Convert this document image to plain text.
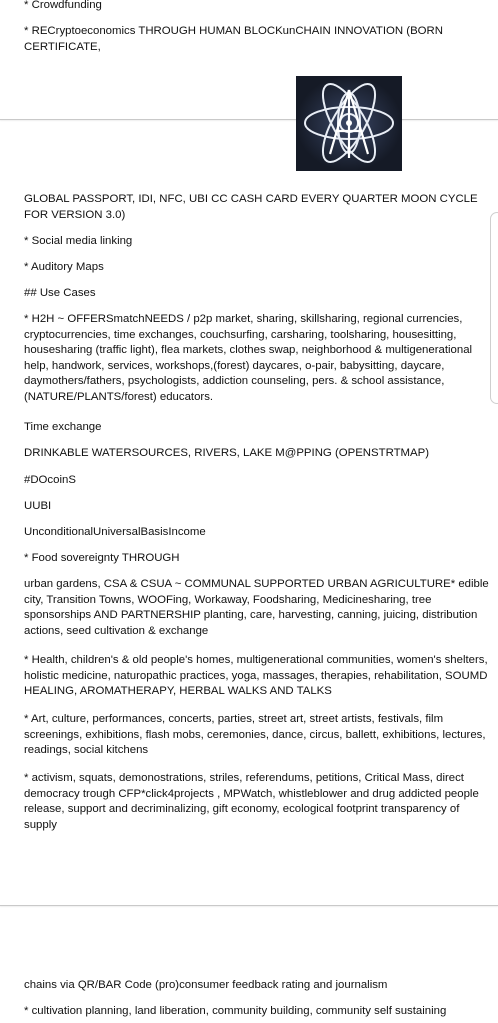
* Crowdfunding

* RECryptoeconomics THROUGH HUMAN BLOCKunCHAIN INNOVATION (BORN CERTIFICATE,

GLOBAL PASSPORT, IDI, NFC, UBI CC CASH CARD EVERY QUARTER MOON CYCLE FOR VERSION 3.0)

* Social media linking

* Auditory Maps

## Use Cases

* H2H ~ OFFERSmatchNEEDS / p2p market, sharing, skillsharing, regional currencies, cryptocurrencies, time exchanges, couchsurfing, carsharing, toolsharing, housesitting, housesharing (traffic light), flea markets, clothes swap, neighborhood & multigenerational help, handwork, services, workshops,(forest) daycares, o-pair, babysitting, daycare, daymothers/fathers, psychologists, addiction counseling, pers. & school assistance, (NATURE/PLANTS/forest) educators.

Time exchange

DRINKABLE WATERSOURCES, RIVERS, LAKE M@PPING (OPENSTRTMAP)

#DOcoinS

UUBI

UnconditionalUniversalBasisIncome

* Food sovereignty THROUGH

urban gardens, CSA & CSUA ~ COMMUNAL SUPPORTED URBAN AGRICULTURE* edible city, Transition Towns, WOOFing, Workaway, Foodsharing, Medicinesharing, tree sponsorships AND PARTNERSHIP planting, care, harvesting, canning, juicing, distribution actions, seed cultivation & exchange

* Health, children's & old people's homes, multigenerational communities, women's shelters, holistic medicine, naturopathic practices, yoga, massages, therapies, rehabilitation, SOUMD HEALING, AROMATHERAPY, HERBAL WALKS AND TALKS

* Art, culture, performances, concerts, parties, street art, street artists, festivals, film screenings, exhibitions, flash mobs, ceremonies, dance, circus, ballett, exhibitions, lectures, readings, social kitchens

* activism, squats, demonostrations, striles, referendums, petitions, Critical Mass, direct democracy trough CFP*click4projects , MPWatch, whistleblower and drug addicted people release, support and decriminalizing, gift economy, ecological footprint transparency of supply

chains via QR/BAR Code (pro)consumer feedback rating and journalism

* cultivation planning, land liberation, community building, community self sustaining
